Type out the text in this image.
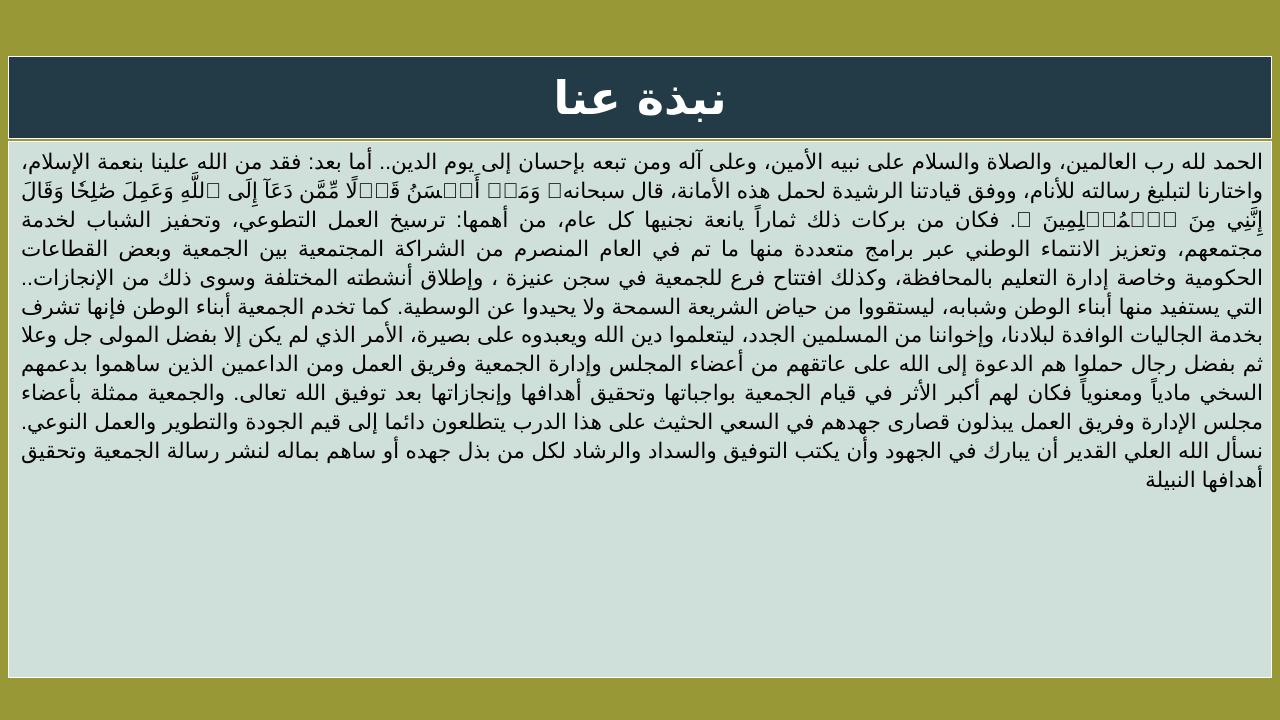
نبذة عنا

الحمد لله رب العالمين، والصلاة والسلام على نبيه الأمين، وعلى آله ومن تبعه بإحسان إلى يوم الدين.. أما بعد: فقد من الله علينا بنعمة الإسلام، واختارنا لتبليغ رسالته للأنام، ووفق قيادتنا الرشيدة لحمل هذه الأمانة، قال سبحانه﴿ وَمَنۡ أَحۡسَنُ قَوۡلًا مِّمَّن دَعَآ إِلَى ٱللَّهِ وَعَمِلَ صَٰلِحٗا وَقَالَ إِنَّنِي مِنَ ٱلۡمُسۡلِمِينَ ﴾. فكان من بركات ذلك ثماراً يانعة نجنيها كل عام، من أهمها: ترسيخ العمل التطوعي، وتحفيز الشباب لخدمة مجتمعهم، وتعزيز الانتماء الوطني عبر برامج متعددة منها ما تم في العام المنصرم من الشراكة المجتمعية بين الجمعية وبعض القطاعات الحكومية وخاصة إدارة التعليم بالمحافظة، وكذلك افتتاح فرع للجمعية في سجن عنيزة ، وإطلاق أنشطته المختلفة وسوى ذلك من الإنجازات.. التي يستفيد منها أبناء الوطن وشبابه، ليستقووا من حياض الشريعة السمحة ولا يحيدوا عن الوسطية. كما تخدم الجمعية أبناء الوطن فإنها تشرف بخدمة الجاليات الوافدة لبلادنا، وإخواننا من المسلمين الجدد، ليتعلموا دين الله ويعبدوه على بصيرة، الأمر الذي لم يكن إلا بفضل المولى جل وعلا ثم بفضل رجال حملوا هم الدعوة إلى الله على عاتقهم من أعضاء المجلس وإدارة الجمعية وفريق العمل ومن الداعمين الذين ساهموا بدعمهم السخي مادياً ومعنوياً فكان لهم أكبر الأثر في قيام الجمعية بواجباتها وتحقيق أهدافها وإنجازاتها بعد توفيق الله تعالى. والجمعية ممثلة بأعضاء مجلس الإدارة وفريق العمل يبذلون قصارى جهدهم في السعي الحثيث على هذا الدرب يتطلعون دائما إلى قيم الجودة والتطوير والعمل النوعي. نسأل الله العلي القدير أن يبارك في الجهود وأن يكتب التوفيق والسداد والرشاد لكل من بذل جهده أو ساهم بماله لنشر رسالة الجمعية وتحقيق أهدافها النبيلة
